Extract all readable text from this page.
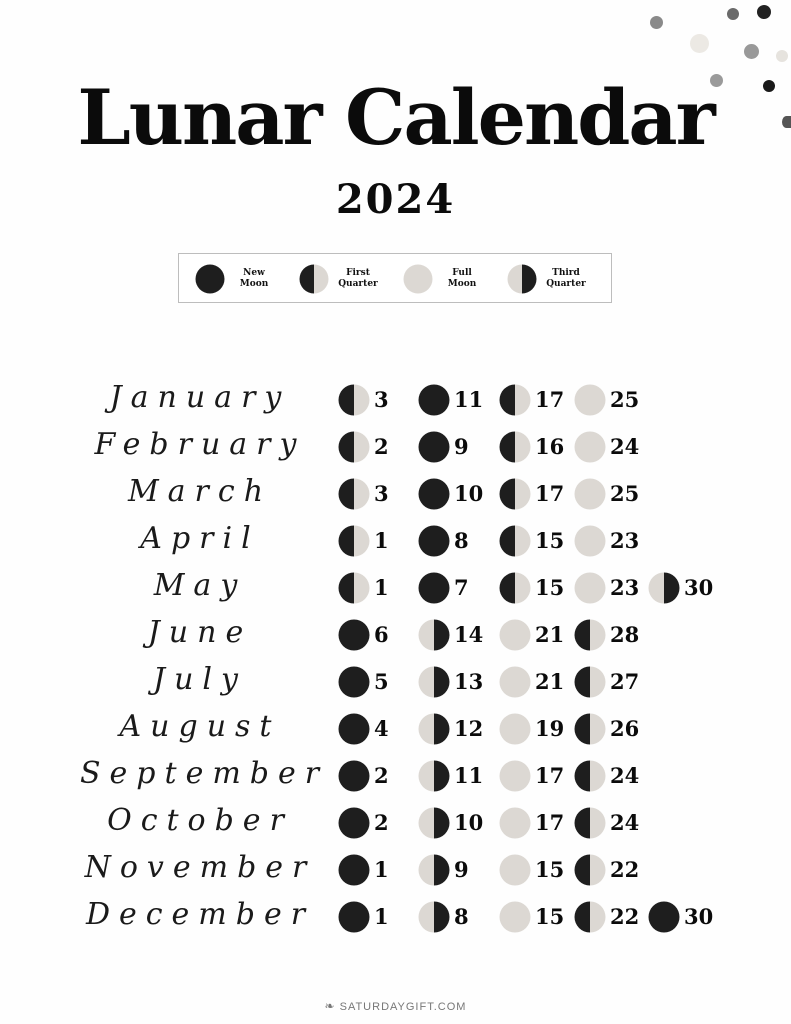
Lunar Calendar
2024
New
Moon
First
Quarter
Full
Moon
Third
Quarter
January	3	11 17 25
February	2	9	16 24
March	3	10 17 25
April	1	8	15 23
May	1	7	15 23 30
June	6	14 21 28
July	5	13 21 27
August	4	12 19 26
September 2	11 17 24
October	2	10 17 24
November	1	9	15 22
December	1	8	15 22 30
❧ SATURDAYGIFT.COM
